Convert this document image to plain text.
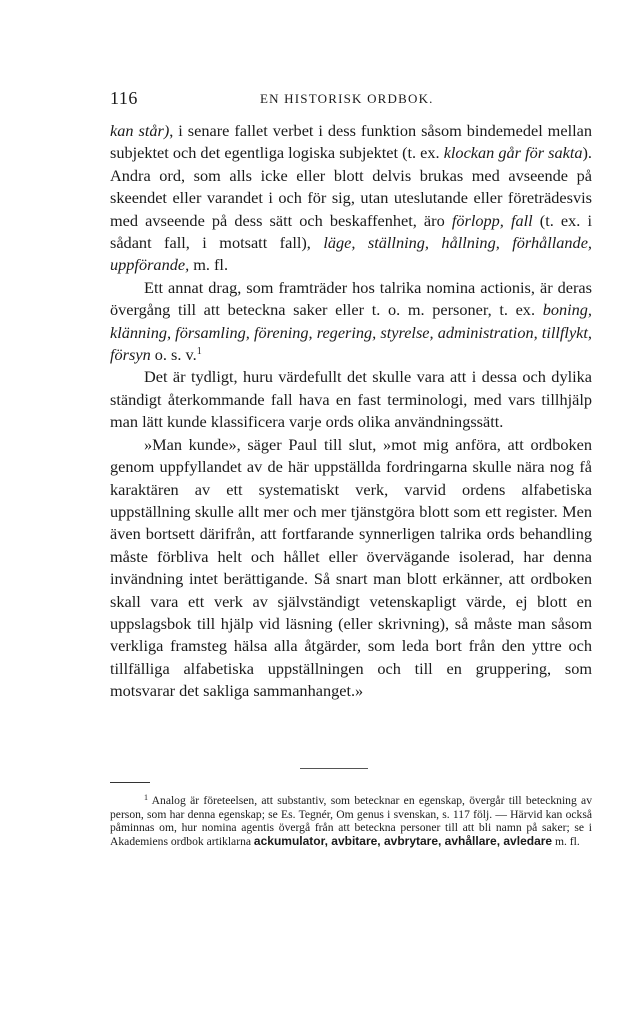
116	EN HISTORISK ORDBOK.

kan står), i senare fallet verbet i dess funktion såsom bindemedel mellan subjektet och det egentliga logiska subjektet (t. ex. klockan går för sakta). Andra ord, som alls icke eller blott delvis brukas med avseende på skeendet eller varandet i och för sig, utan uteslutande eller företrädesvis med avseende på dess sätt och beskaffenhet, äro förlopp, fall (t. ex. i sådant fall, i motsatt fall), läge, ställning, hållning, förhållande, uppförande, m. fl.

Ett annat drag, som framträder hos talrika nomina actionis, är deras övergång till att beteckna saker eller t. o. m. personer, t. ex. boning, klänning, församling, förening, regering, styrelse, administration, tillflykt, försyn o. s. v.$^1$

Det är tydligt, huru värdefullt det skulle vara att i dessa och dylika ständigt återkommande fall hava en fast terminologi, med vars tillhjälp man lätt kunde klassificera varje ords olika användningssätt.

»Man kunde», säger Paul till slut, »mot mig anföra, att ordboken genom uppfyllandet av de här uppställda fordringarna skulle nära nog få karaktären av ett systematiskt verk, varvid ordens alfabetiska uppställning skulle allt mer och mer tjänstgöra blott som ett register. Men även bortsett därifrån, att fortfarande synnerligen talrika ords behandling måste förbliva helt och hållet eller övervägande isolerad, har denna invändning intet berättigande. Så snart man blott erkänner, att ordboken skall vara ett verk av självständigt vetenskapligt värde, ej blott en uppslagsbok till hjälp vid läsning (eller skrivning), så måste man såsom verkliga framsteg hälsa alla åtgärder, som leda bort från den yttre och tillfälliga alfabetiska uppställningen och till en gruppering, som motsvarar det sakliga sammanhanget.»

$^1$ Analog är företeelsen, att substantiv, som betecknar en egenskap, övergår till beteckning av person, som har denna egenskap; se Es. Tegnér, Om genus i svenskan, s. 117 följ. — Härvid kan också påminnas om, hur nomina agentis övergå från att beteckna personer till att bli namn på saker; se i Akademiens ordbok artiklarna ackumulator, avbitare, avbrytare, avhållare, avledare m. fl.
